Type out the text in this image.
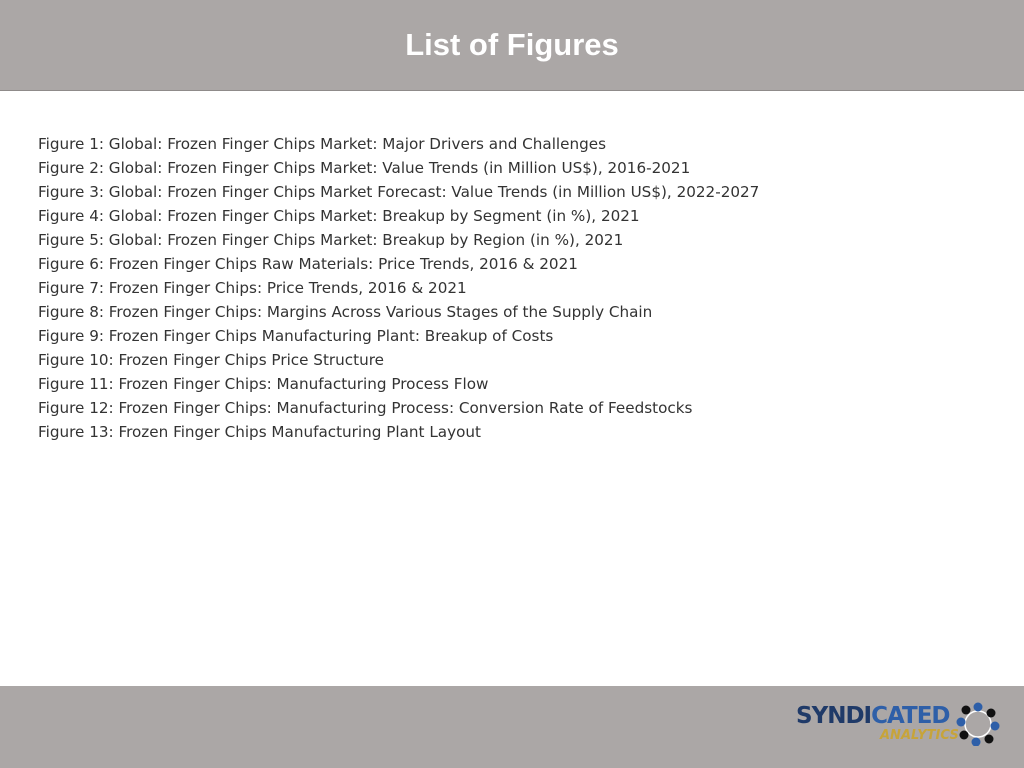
List of Figures
Figure 1: Global: Frozen Finger Chips Market: Major Drivers and Challenges
Figure 2: Global: Frozen Finger Chips Market: Value Trends (in Million US$), 2016-2021
Figure 3: Global: Frozen Finger Chips Market Forecast: Value Trends (in Million US$), 2022-2027
Figure 4: Global: Frozen Finger Chips Market: Breakup by Segment (in %), 2021
Figure 5: Global: Frozen Finger Chips Market: Breakup by Region (in %), 2021
Figure 6: Frozen Finger Chips Raw Materials: Price Trends, 2016 & 2021
Figure 7: Frozen Finger Chips: Price Trends, 2016 & 2021
Figure 8: Frozen Finger Chips: Margins Across Various Stages of the Supply Chain
Figure 9: Frozen Finger Chips Manufacturing Plant: Breakup of Costs
Figure 10: Frozen Finger Chips Price Structure
Figure 11: Frozen Finger Chips: Manufacturing Process Flow
Figure 12: Frozen Finger Chips: Manufacturing Process: Conversion Rate of Feedstocks
Figure 13: Frozen Finger Chips Manufacturing Plant Layout
SYNDICATED
ANALYTICS
